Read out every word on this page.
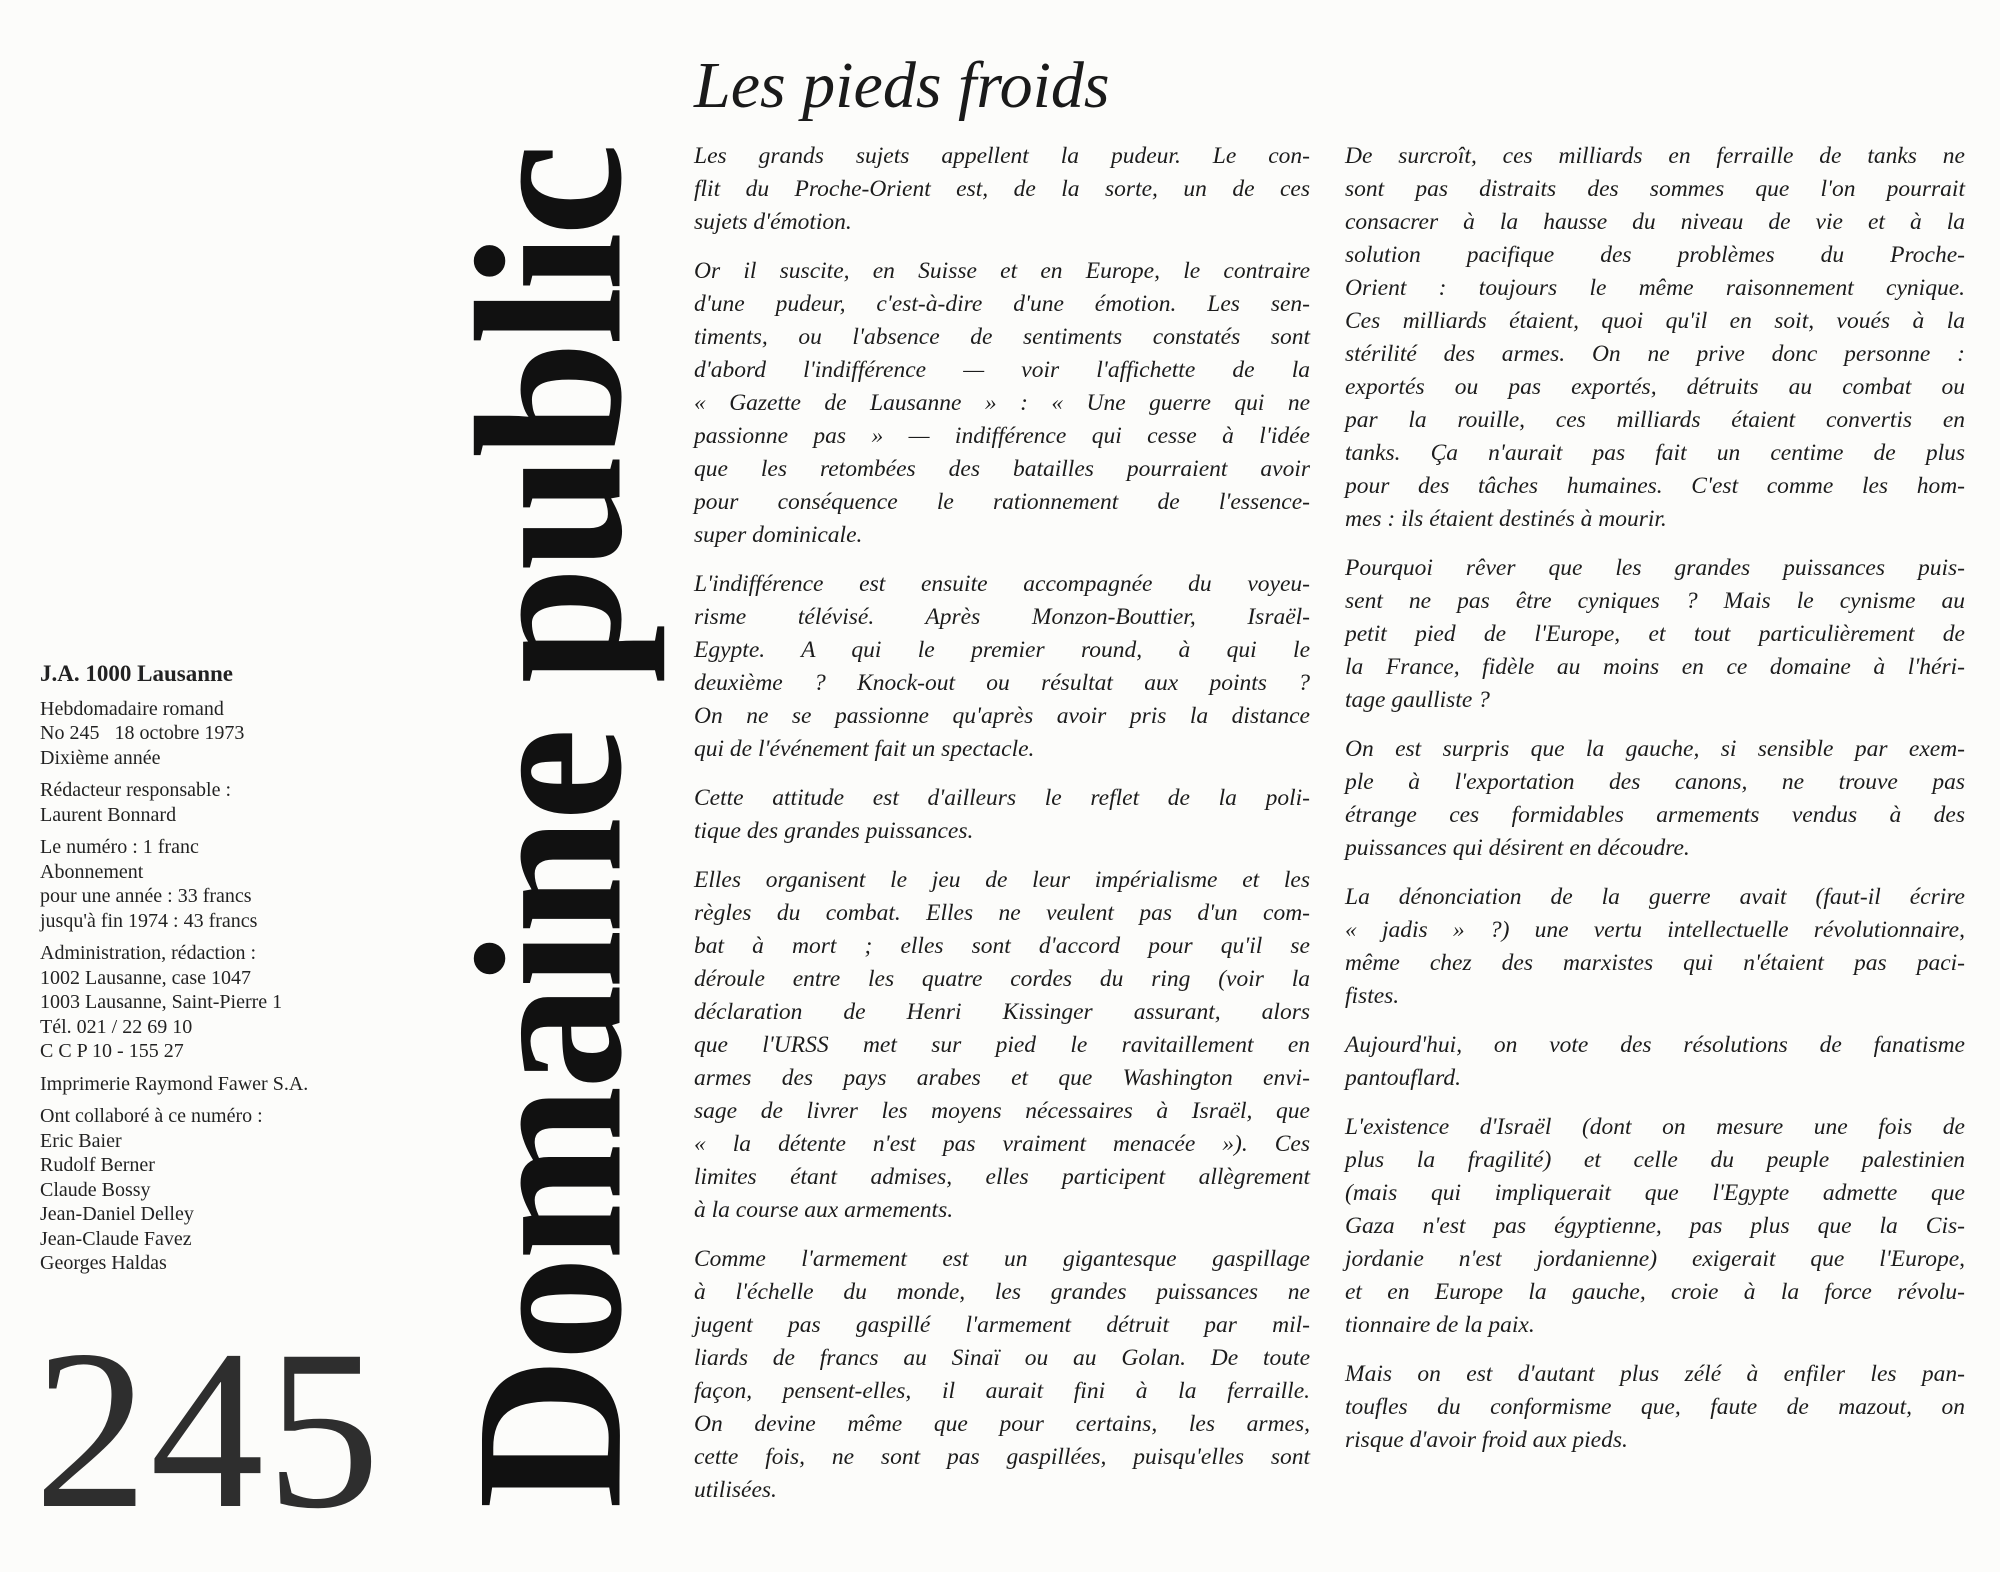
J.A. 1000 Lausanne
Hebdomadaire romand
No 245   18 octobre 1973
Dixième année
Rédacteur responsable :
Laurent Bonnard
Le numéro : 1 franc
Abonnement
pour une année : 33 francs
jusqu'à fin 1974 : 43 francs
Administration, rédaction :
1002 Lausanne, case 1047
1003 Lausanne, Saint-Pierre 1
Tél. 021 / 22 69 10
C C P 10 - 155 27
Imprimerie Raymond Fawer S.A.
Ont collaboré à ce numéro :
Eric Baier
Rudolf Berner
Claude Bossy
Jean-Daniel Delley
Jean-Claude Favez
Georges Haldas
245 Domaine public
Les pieds froids

Les grands sujets appellent la pudeur. Le con-
flit du Proche-Orient est, de la sorte, un de ces
sujets d'émotion.

Or il suscite, en Suisse et en Europe, le contraire
d'une pudeur, c'est-à-dire d'une émotion. Les sen-
timents, ou l'absence de sentiments constatés sont
d'abord l'indifférence — voir l'affichette de la
« Gazette de Lausanne » : « Une guerre qui ne
passionne pas » — indifférence qui cesse à l'idée
que les retombées des batailles pourraient avoir
pour conséquence le rationnement de l'essence-
super dominicale.

L'indifférence est ensuite accompagnée du voyeu-
risme télévisé. Après Monzon-Bouttier, Israël-
Egypte. A qui le premier round, à qui le
deuxième ? Knock-out ou résultat aux points ?
On ne se passionne qu'après avoir pris la distance
qui de l'événement fait un spectacle.

Cette attitude est d'ailleurs le reflet de la poli-
tique des grandes puissances.

Elles organisent le jeu de leur impérialisme et les
règles du combat. Elles ne veulent pas d'un com-
bat à mort ; elles sont d'accord pour qu'il se
déroule entre les quatre cordes du ring (voir la
déclaration de Henri Kissinger assurant, alors
que l'URSS met sur pied le ravitaillement en
armes des pays arabes et que Washington envi-
sage de livrer les moyens nécessaires à Israël, que
« la détente n'est pas vraiment menacée »). Ces
limites étant admises, elles participent allègrement
à la course aux armements.

Comme l'armement est un gigantesque gaspillage
à l'échelle du monde, les grandes puissances ne
jugent pas gaspillé l'armement détruit par mil-
liards de francs au Sinaï ou au Golan. De toute
façon, pensent-elles, il aurait fini à la ferraille.
On devine même que pour certains, les armes,
cette fois, ne sont pas gaspillées, puisqu'elles sont
utilisées.

De surcroît, ces milliards en ferraille de tanks ne
sont pas distraits des sommes que l'on pourrait
consacrer à la hausse du niveau de vie et à la
solution pacifique des problèmes du Proche-
Orient : toujours le même raisonnement cynique.
Ces milliards étaient, quoi qu'il en soit, voués à la
stérilité des armes. On ne prive donc personne :
exportés ou pas exportés, détruits au combat ou
par la rouille, ces milliards étaient convertis en
tanks. Ça n'aurait pas fait un centime de plus
pour des tâches humaines. C'est comme les hom-
mes : ils étaient destinés à mourir.

Pourquoi rêver que les grandes puissances puis-
sent ne pas être cyniques ? Mais le cynisme au
petit pied de l'Europe, et tout particulièrement de
la France, fidèle au moins en ce domaine à l'héri-
tage gaulliste ?

On est surpris que la gauche, si sensible par exem-
ple à l'exportation des canons, ne trouve pas
étrange ces formidables armements vendus à des
puissances qui désirent en découdre.

La dénonciation de la guerre avait (faut-il écrire
« jadis » ?) une vertu intellectuelle révolutionnaire,
même chez des marxistes qui n'étaient pas paci-
fistes.

Aujourd'hui, on vote des résolutions de fanatisme
pantouflard.

L'existence d'Israël (dont on mesure une fois de
plus la fragilité) et celle du peuple palestinien
(mais qui impliquerait que l'Egypte admette que
Gaza n'est pas égyptienne, pas plus que la Cis-
jordanie n'est jordanienne) exigerait que l'Europe,
et en Europe la gauche, croie à la force révolu-
tionnaire de la paix.

Mais on est d'autant plus zélé à enfiler les pan-
toufles du conformisme que, faute de mazout, on
risque d'avoir froid aux pieds.
